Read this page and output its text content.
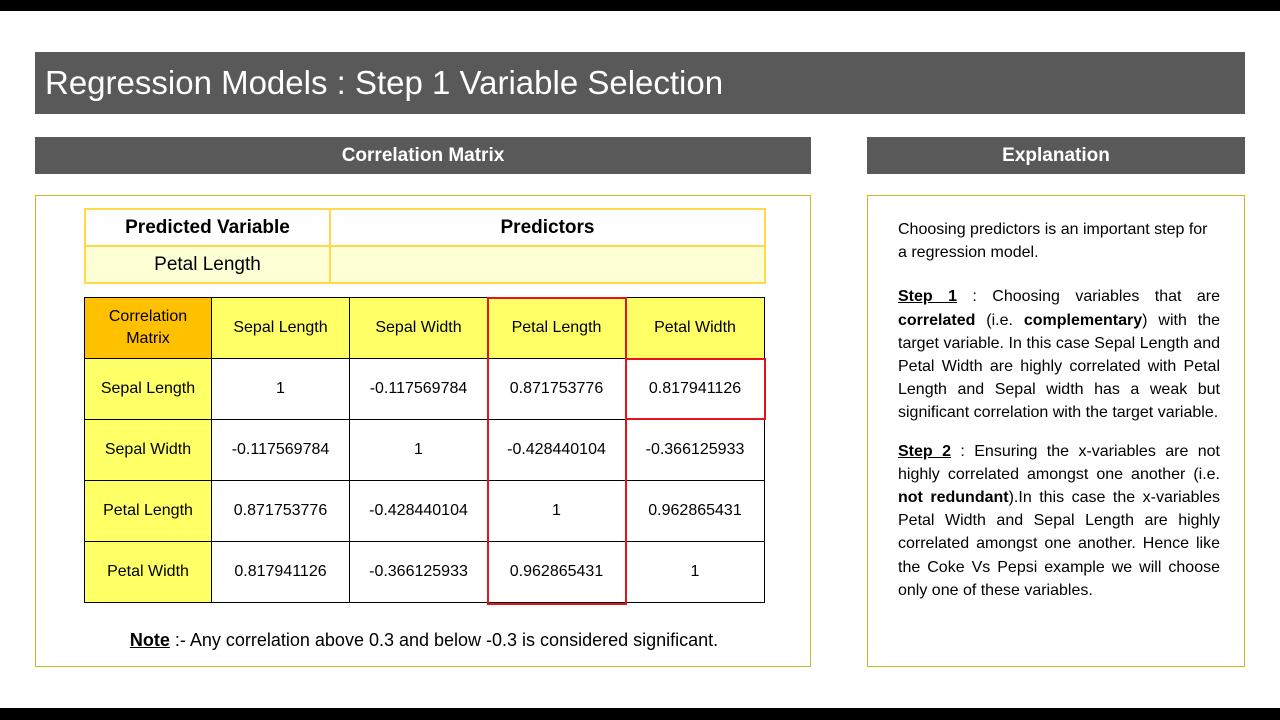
Regression Models : Step 1 Variable Selection
Correlation Matrix	Explanation
Predicted Variable	Predictors
Petal Length	
Correlation
Matrix	Sepal Length	Sepal Width	Petal Length	Petal Width
Sepal Length	1	-0.117569784	0.871753776	0.817941126
Sepal Width	-0.117569784	1	-0.428440104	-0.366125933
Petal Length	0.871753776	-0.428440104	1	0.962865431
Petal Width	0.817941126	-0.366125933	0.962865431	1
Note :- Any correlation above 0.3 and below -0.3 is considered significant.

Choosing predictors is an important step for a regression model.

Step 1 : Choosing variables that are correlated (i.e. complementary) with the target variable. In this case Sepal Length and Petal Width are highly correlated with Petal Length and Sepal width has a weak but significant correlation with the target variable.

Step 2 : Ensuring the x-variables are not highly correlated amongst one another (i.e. not redundant).In this case the x-variables Petal Width and Sepal Length are highly correlated amongst one another. Hence like the Coke Vs Pepsi example we will choose only one of these variables.
